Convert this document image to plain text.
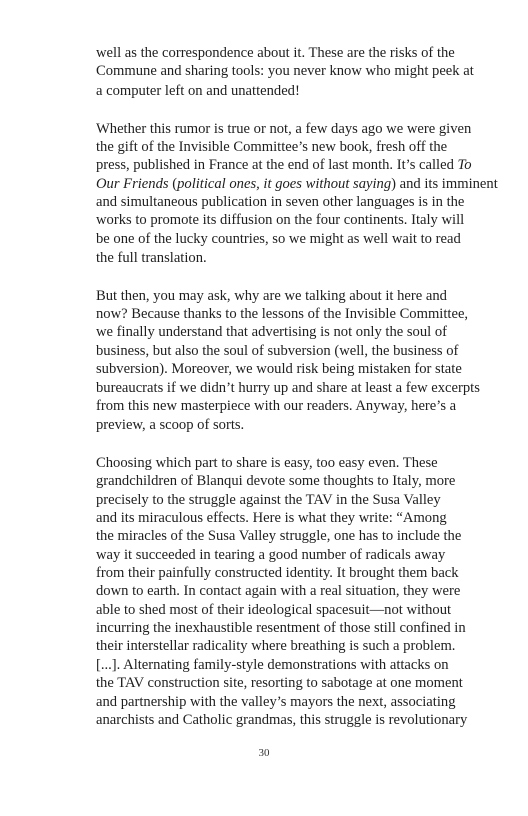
well as the correspondence about it. These are the risks of the
Commune and sharing tools: you never know who might peek at
a computer left on and unattended!

Whether this rumor is true or not, a few days ago we were given
the gift of the Invisible Committee’s new book, fresh off the
press, published in France at the end of last month. It’s called To
Our Friends (political ones, it goes without saying) and its imminent
and simultaneous publication in seven other languages is in the
works to promote its diffusion on the four continents. Italy will
be one of the lucky countries, so we might as well wait to read
the full translation.

But then, you may ask, why are we talking about it here and
now? Because thanks to the lessons of the Invisible Committee,
we finally understand that advertising is not only the soul of
business, but also the soul of subversion (well, the business of
subversion). Moreover, we would risk being mistaken for state
bureaucrats if we didn’t hurry up and share at least a few excerpts
from this new masterpiece with our readers. Anyway, here’s a
preview, a scoop of sorts.

Choosing which part to share is easy, too easy even. These
grandchildren of Blanqui devote some thoughts to Italy, more
precisely to the struggle against the TAV in the Susa Valley
and its miraculous effects. Here is what they write: “Among
the miracles of the Susa Valley struggle, one has to include the
way it succeeded in tearing a good number of radicals away
from their painfully constructed identity. It brought them back
down to earth. In contact again with a real situation, they were
able to shed most of their ideological spacesuit—not without
incurring the inexhaustible resentment of those still confined in
their interstellar radicality where breathing is such a problem.
[...]. Alternating family-style demonstrations with attacks on
the TAV construction site, resorting to sabotage at one moment
and partnership with the valley’s mayors the next, associating
anarchists and Catholic grandmas, this struggle is revolutionary

30
